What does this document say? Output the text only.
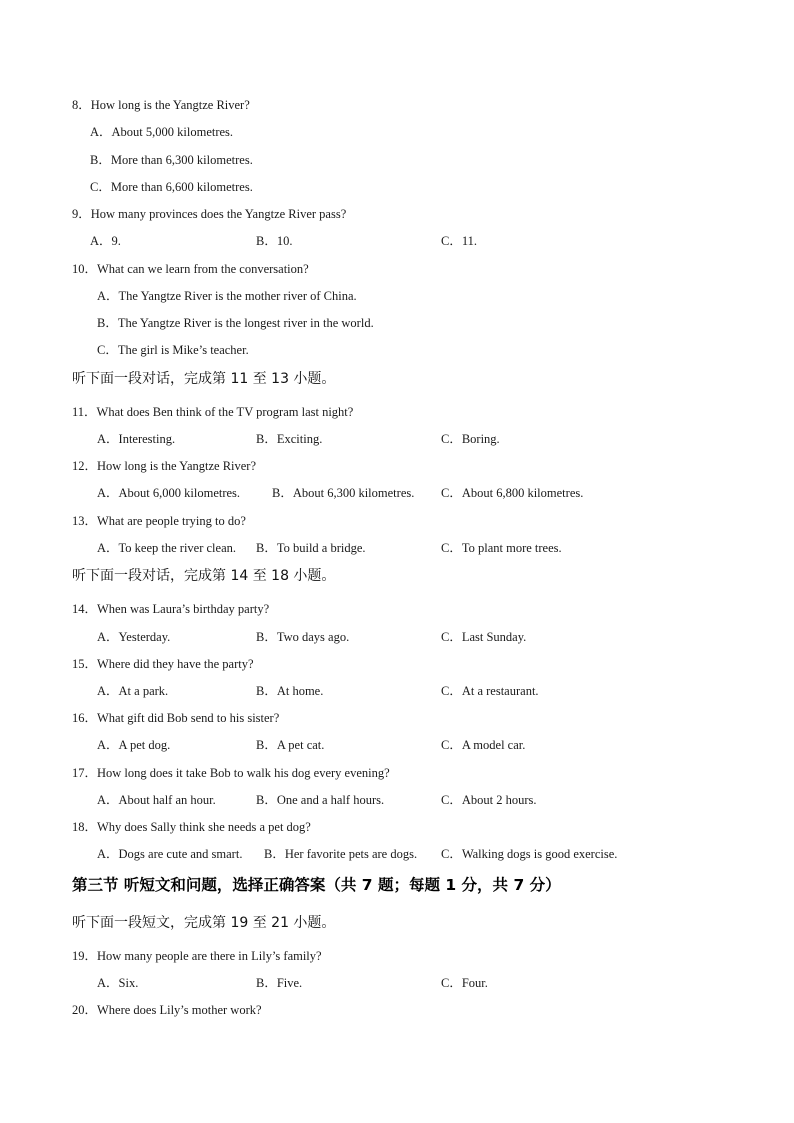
8．How long is the Yangtze River?
A．About 5,000 kilometres.
B．More than 6,300 kilometres.
C．More than 6,600 kilometres.
9．How many provinces does the Yangtze River pass?
A．9.	B．10.	C．11.
10．What can we learn from the conversation?
A．The Yangtze River is the mother river of China.
B．The Yangtze River is the longest river in the world.
C．The girl is Mike’s teacher.
听下面一段对话，完成第 11 至 13 小题。
11．What does Ben think of the TV program last night?
A．Interesting.	B．Exciting.	C．Boring.
12．How long is the Yangtze River?
A．About 6,000 kilometres.	B．About 6,300 kilometres. C．About 6,800 kilometres.
13．What are people trying to do?
A．To keep the river clean. B．To build a bridge.	C．To plant more trees.
听下面一段对话，完成第 14 至 18 小题。
14．When was Laura’s birthday party?
A．Yesterday.	B．Two days ago.	C．Last Sunday.
15．Where did they have the party?
A．At a park.	B．At home.	C．At a restaurant.
16．What gift did Bob send to his sister?
A．A pet dog.	B．A pet cat.	C．A model car.
17．How long does it take Bob to walk his dog every evening?
A．About half an hour.	B．One and a half hours.	C．About 2 hours.
18．Why does Sally think she needs a pet dog?
A．Dogs are cute and smart. B．Her favorite pets are dogs. C．Walking dogs is good exercise.
第三节 听短文和问题，选择正确答案（共 7 题；每题 1 分，共 7 分）
听下面一段短文，完成第 19 至 21 小题。
19．How many people are there in Lily’s family?
A．Six.	B．Five.	C．Four.
20．Where does Lily’s mother work?
